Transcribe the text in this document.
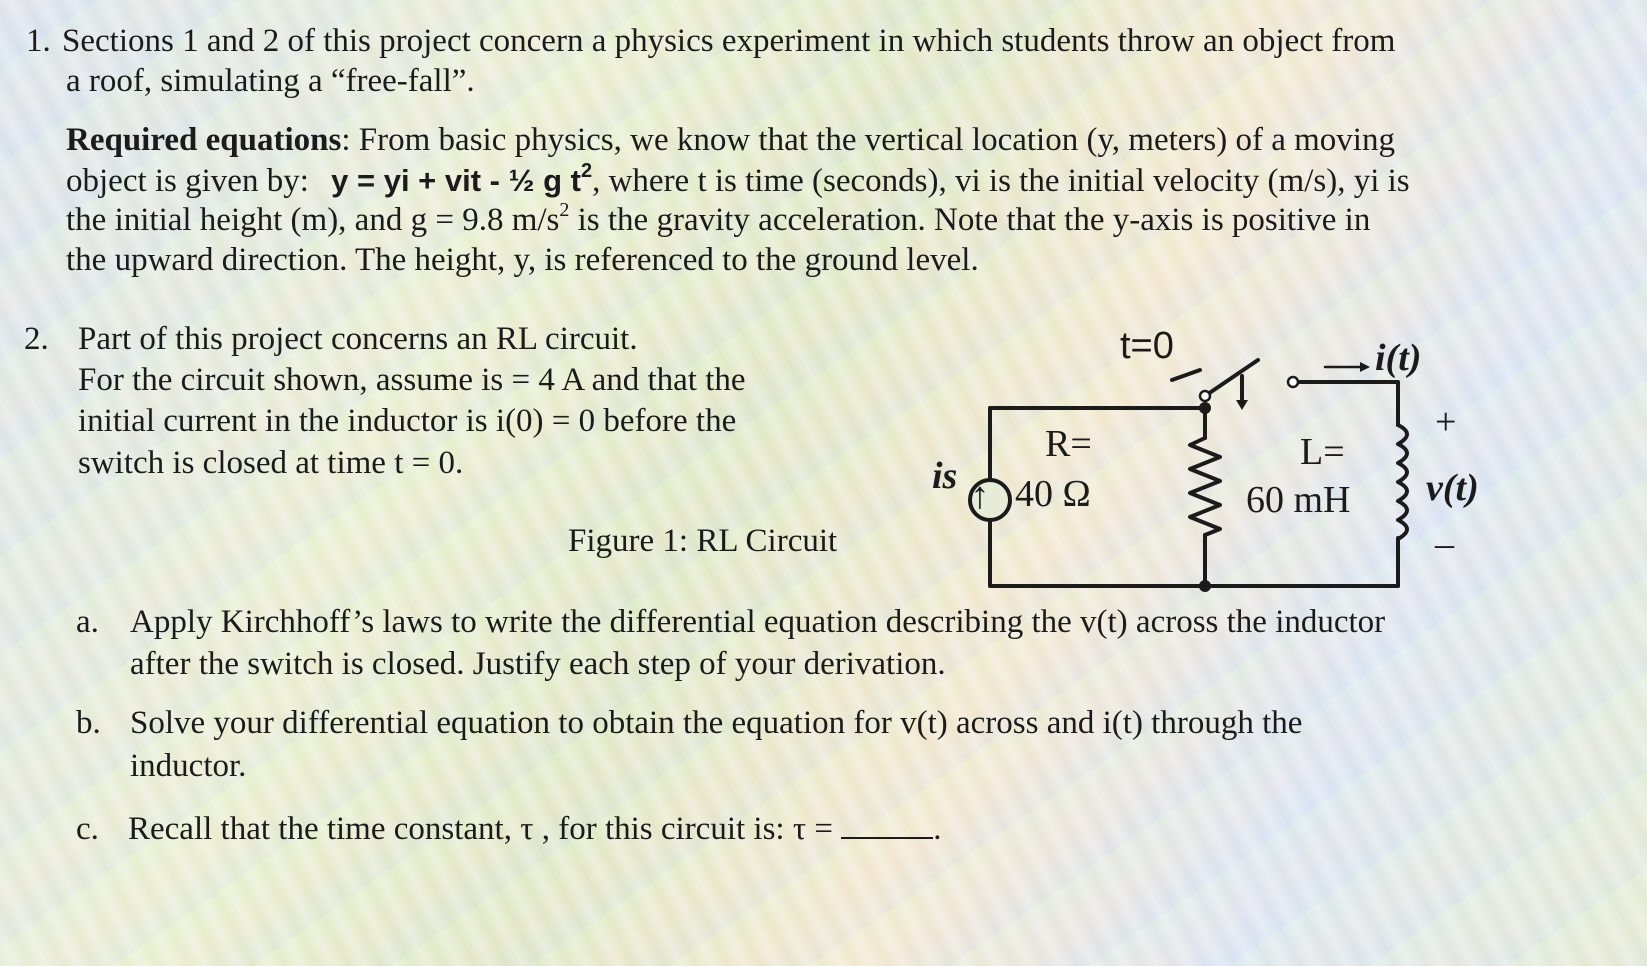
1. Sections 1 and 2 of this project concern a physics experiment in which students throw an object from
a roof, simulating a “free-fall”.
Required equations: From basic physics, we know that the vertical location (y, meters) of a moving
object is given by: y = yi + vit - ½ g $t^2$, where t is time (seconds), vi is the initial velocity (m/s), yi is
the initial height (m), and g = 9.8 $m/s^2$ is the gravity acceleration. Note that the y-axis is positive in
the upward direction. The height, y, is referenced to the ground level.
2. Part of this project concerns an RL circuit.
For the circuit shown, assume is = 4 A and that the
initial current in the inductor is i(0) = 0 before the
switch is closed at time t = 0.
Figure 1: RL Circuit
t=0	i(t)
↑
is
R=
40 Ω
L=
60 mH
+
v(t)
–
a. Apply Kirchhoff’s laws to write the differential equation describing the v(t) across the inductor
after the switch is closed. Justify each step of your derivation.
b. Solve your differential equation to obtain the equation for v(t) across and i(t) through the
inductor.
c. Recall that the time constant, τ , for this circuit is: τ =	.
